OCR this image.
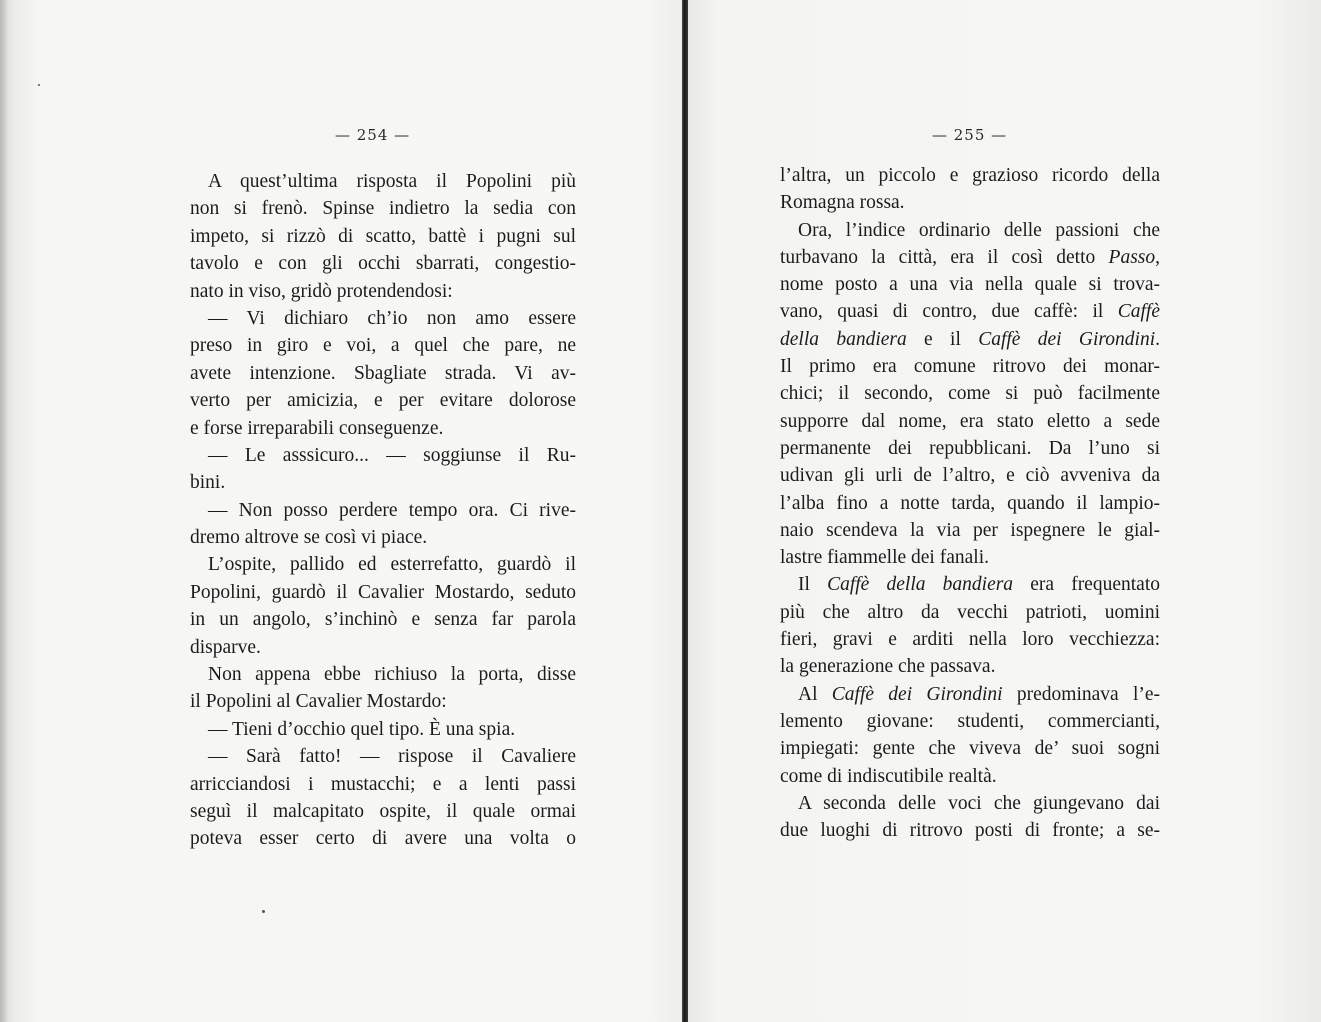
— 254 —
A quest’ultima risposta il Popolini più
non si frenò. Spinse indietro la sedia con
impeto, si rizzò di scatto, battè i pugni sul
tavolo e con gli occhi sbarrati, congestio-
nato in viso, gridò protendendosi:
— Vi dichiaro ch’io non amo essere
preso in giro e voi, a quel che pare, ne
avete intenzione. Sbagliate strada. Vi av-
verto per amicizia, e per evitare dolorose
e forse irreparabili conseguenze.
— Le asssicuro... — soggiunse il Ru-
bini.
— Non posso perdere tempo ora. Ci rive-
dremo altrove se così vi piace.
L’ospite, pallido ed esterrefatto, guardò il
Popolini, guardò il Cavalier Mostardo, seduto
in un angolo, s’inchinò e senza far parola
disparve.
Non appena ebbe richiuso la porta, disse
il Popolini al Cavalier Mostardo:
— Tieni d’occhio quel tipo. È una spia.
— Sarà fatto! — rispose il Cavaliere
arricciandosi i mustacchi; e a lenti passi
seguì il malcapitato ospite, il quale ormai
poteva esser certo di avere una volta o
— 255 —
l’altra, un piccolo e grazioso ricordo della
Romagna rossa.
Ora, l’indice ordinario delle passioni che
turbavano la città, era il così detto Passo,
nome posto a una via nella quale si trova-
vano, quasi di contro, due caffè: il Caffè
della bandiera e il Caffè dei Girondini.
Il primo era comune ritrovo dei monar-
chici; il secondo, come si può facilmente
supporre dal nome, era stato eletto a sede
permanente dei repubblicani. Da l’uno si
udivan gli urli de l’altro, e ciò avveniva da
l’alba fino a notte tarda, quando il lampio-
naio scendeva la via per ispegnere le gial-
lastre fiammelle dei fanali.
Il Caffè della bandiera era frequentato
più che altro da vecchi patrioti, uomini
fieri, gravi e arditi nella loro vecchiezza:
la generazione che passava.
Al Caffè dei Girondini predominava l’e-
lemento giovane: studenti, commercianti,
impiegati: gente che viveva de’ suoi sogni
come di indiscutibile realtà.
A seconda delle voci che giungevano dai
due luoghi di ritrovo posti di fronte; a se-
